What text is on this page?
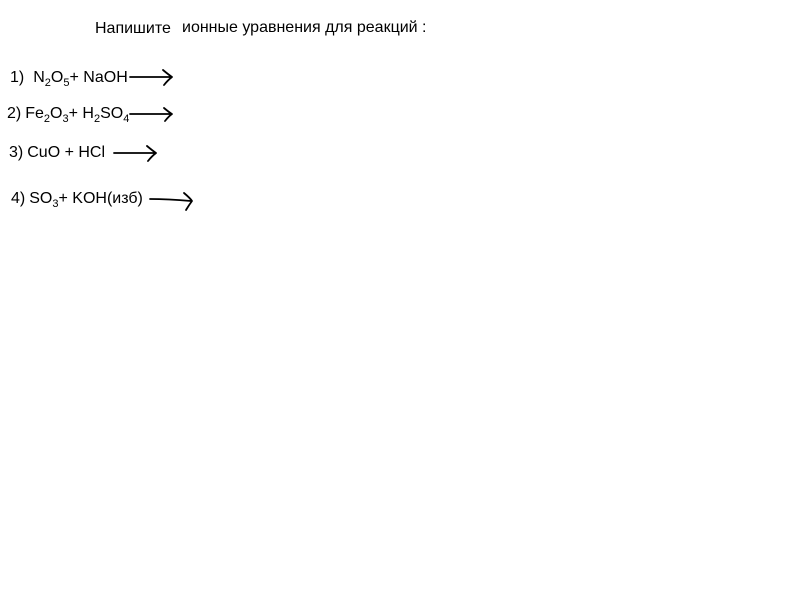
Напишите ионные уравнения для реакций :
1) $N_2$ $O_5$ + NaOH
2) $Fe_2$ $O_3 + H_2$ $SO_4$
3) CuO + HCl
4) $SO_3 + KOH(изб)$
